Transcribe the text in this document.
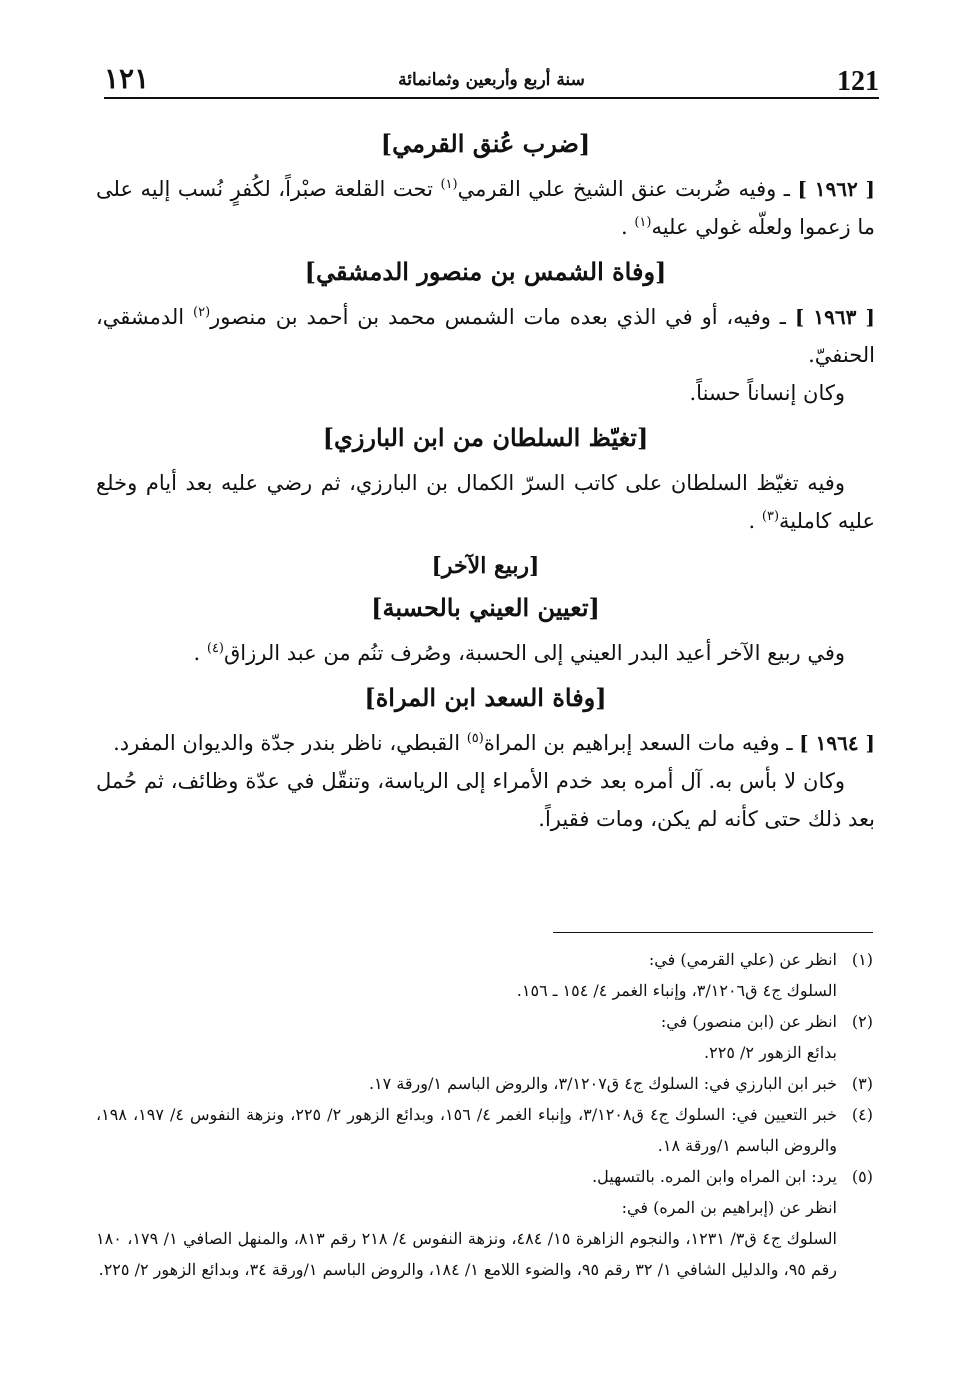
١٢١	سنة أربع وأربعين وثمانمائة	121
[ضرب عُنق القرمي]

[ ١٩٦٢ ] ـ وفيه ضُربت عنق الشيخ علي القرمي$^{(١)}$ تحت القلعة صبْراً، لكُفرٍ نُسب إليه على ما زعموا ولعلّه غولي عليه$^{(١)}$ .

[وفاة الشمس بن منصور الدمشقي]

[ ١٩٦٣ ] ـ وفيه، أو في الذي بعده مات الشمس محمد بن أحمد بن منصور$^{(٢)}$ الدمشقي، الحنفيّ.

وكان إنساناً حسناً.

[تغيّظ السلطان من ابن البارزي]

وفيه تغيّظ السلطان على كاتب السرّ الكمال بن البارزي، ثم رضي عليه بعد أيام وخلع عليه كاملية$^{(٣)}$ .

[ربيع الآخر]
[تعيين العيني بالحسبة]

وفي ربيع الآخر أعيد البدر العيني إلى الحسبة، وصُرف تنُم من عبد الرزاق$^{(٤)}$ .

[وفاة السعد ابن المراة]

[ ١٩٦٤ ] ـ وفيه مات السعد إبراهيم بن المراة$^{(٥)}$ القبطي، ناظر بندر جدّة والديوان المفرد.

وكان لا بأس به. آل أمره بعد خدم الأمراء إلى الرياسة، وتنقّل في عدّة وظائف، ثم حُمل بعد ذلك حتى كأنه لم يكن، ومات فقيراً.

(١)
انظر عن (علي القرمي) في:
السلوك ج٤ ق٣/١٢٠٦، وإنباء الغمر ٤/ ١٥٤ ـ ١٥٦.
(٢)
انظر عن (ابن منصور) في:
بدائع الزهور ٢/ ٢٢٥.
(٣)
خبر ابن البارزي في: السلوك ج٤ ق٣/١٢٠٧، والروض الباسم ١/ورقة ١٧.
(٤)
خبر التعيين في: السلوك ج٤ ق٣/١٢٠٨، وإنباء الغمر ٤/ ١٥٦، وبدائع الزهور ٢/ ٢٢٥، ونزهة النفوس ٤/ ١٩٧، ١٩٨، والروض الباسم ١/ورقة ١٨.
(٥)
يرد: ابن المراه وابن المره. بالتسهيل.
انظر عن (إبراهيم بن المره) في:
السلوك ج٤ ق٣/ ١٢٣١، والنجوم الزاهرة ١٥/ ٤٨٤، ونزهة النفوس ٤/ ٢١٨ رقم ٨١٣، والمنهل الصافي ١/ ١٧٩، ١٨٠ رقم ٩٥، والدليل الشافي ١/ ٣٢ رقم ٩٥، والضوء اللامع ١/ ١٨٤، والروض الباسم ١/ورقة ٣٤، وبدائع الزهور ٢/ ٢٢٥.
